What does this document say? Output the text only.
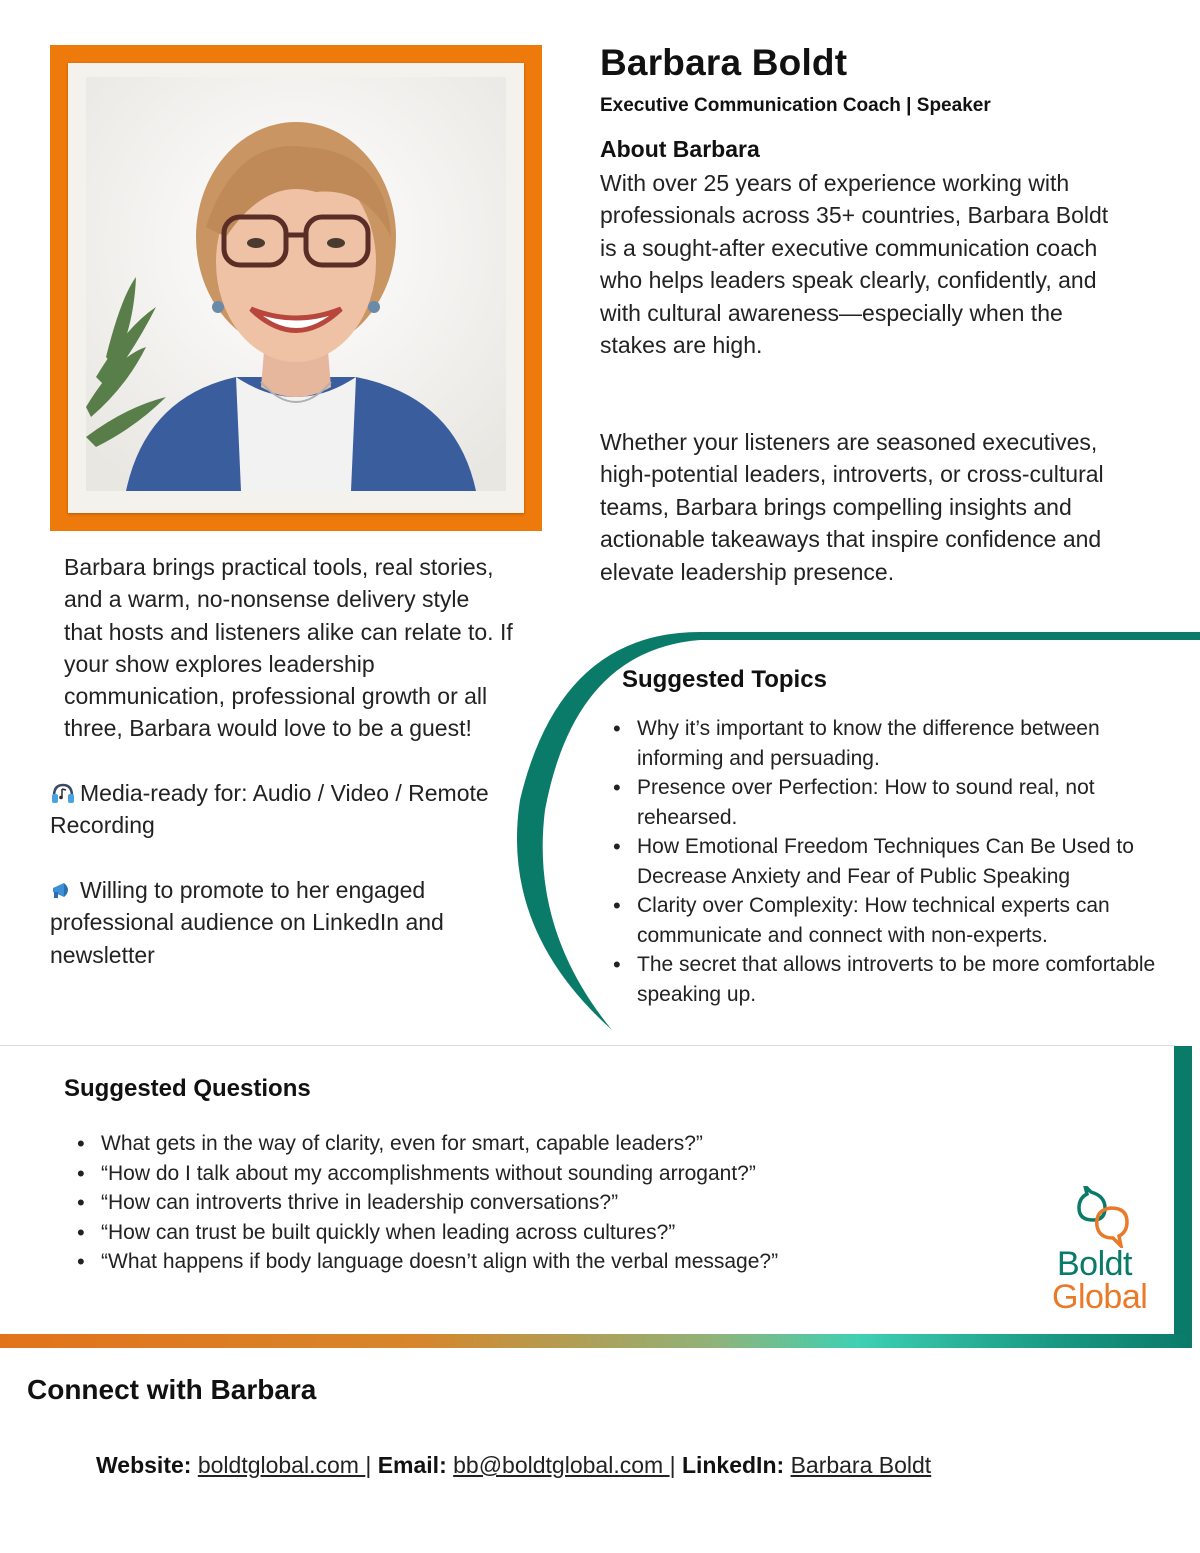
Barbara Boldt
Executive Communication Coach | Speaker
About Barbara

With over 25 years of experience working with professionals across 35+ countries, Barbara Boldt is a sought-after executive communication coach who helps leaders speak clearly, confidently, and with cultural awareness—especially when the stakes are high.

Whether your listeners are seasoned executives, high-potential leaders, introverts, or cross-cultural teams, Barbara brings compelling insights and actionable takeaways that inspire confidence and elevate leadership presence.

Barbara brings practical tools, real stories, and a warm, no-nonsense delivery style that hosts and listeners alike can relate to. If your show explores leadership communication, professional growth or all three, Barbara would love to be a guest!

Media-ready for: Audio / Video / Remote Recording

Willing to promote to her engaged professional audience on LinkedIn and newsletter

Suggested Topics
• Why it’s important to know the difference between informing and persuading.
• Presence over Perfection: How to sound real, not rehearsed.
• How Emotional Freedom Techniques Can Be Used to Decrease Anxiety and Fear of Public Speaking
• Clarity over Complexity: How technical experts can communicate and connect with non-experts.
• The secret that allows introverts to be more comfortable speaking up.
Suggested Questions
• What gets in the way of clarity, even for smart, capable leaders?”
• “How do I talk about my accomplishments without sounding arrogant?”
• “How can introverts thrive in leadership conversations?”
• “How can trust be built quickly when leading across cultures?”
• “What happens if body language doesn’t align with the verbal message?”	Boldt
Global
Connect with Barbara
Website: boldtglobal.com | Email: bb@boldtglobal.com | LinkedIn: Barbara Boldt
